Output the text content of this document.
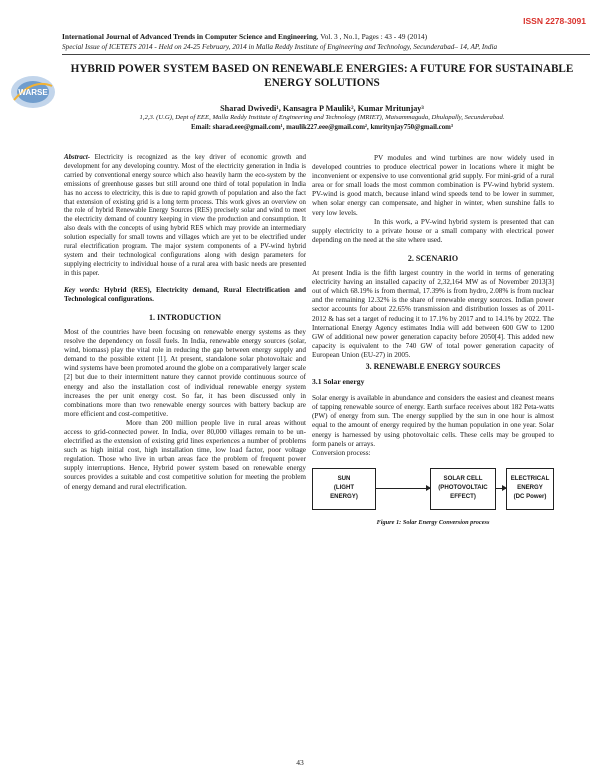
ISSN 2278-3091
International Journal of Advanced Trends in Computer Science and Engineering, Vol. 3 , No.1, Pages : 43 - 49 (2014)
Special Issue of ICETETS 2014 - Held on 24-25 February, 2014 in Malla Reddy Institute of Engineering and Technology, Secunderabad– 14, AP, India
WARSE
HYBRID POWER SYSTEM BASED ON RENEWABLE ENERGIES: A FUTURE FOR SUSTAINABLE ENERGY SOLUTIONS
Sharad Dwivedi¹, Kansagra P Maulik², Kumar Mritunjay³
1,2,3. (U.G), Dept of EEE, Malla Reddy Institute of Engineering and Technology (MRIET), Maisammaguda, Dhulapally, Secunderabad.
Email: sharad.eee@gmail.com¹, maulik227.eee@gmail.com², kmritynjay750@gmail.com³

Abstract- Electricity is recognized as the key driver of economic growth and development for any developing country. Most of the electricity generation in India is carried by conventional energy source which also heavily harm the eco-system by the emissions of greenhouse gasses but still around one third of total population in India has no access to electricity, this is due to rapid growth of population and also the fact that extension of existing grid is a long term process. This work gives an overview on the role of hybrid Renewable Energy Sources (RES) precisely solar and wind to meet the electricity demand of country keeping in view the production and consumption. It also deals with the concepts of using hybrid RES which may provide an intermediary solution especially for small towns and villages which are yet to be electrified under rural electrification program. The major system components of a PV-wind hybrid system and their technological configurations along with design parameters for supplying electricity to individual house of a rural area with basic needs are presented in this paper.

Key words: Hybrid (RES), Electricity demand, Rural Electrification and Technological configurations.

1. INTRODUCTION

Most of the countries have been focusing on renewable energy systems as they resolve the dependency on fossil fuels. In India, renewable energy sources (solar, wind, biomass) play the vital role in reducing the gap between energy supply and demand to the possible extent [1]. At present, standalone solar photovoltaic and wind systems have been promoted around the globe on a comparatively larger scale [2] but due to their intermittent nature they cannot provide continuous source of energy and also the installation cost of individual renewable energy system increases the per unit energy cost. So far, it has been discussed only in combinations more than two renewable energy sources with battery backup are more efficient and cost-competitive.

More than 200 million people live in rural areas without access to grid-connected power. In India, over 80,000 villages remain to be un-electrified as the extension of existing grid lines experiences a number of problems such as high initial cost, high installation time, low load factor, poor voltage regulation. Those who live in urban areas face the problem of frequent power supply interruptions. Hence, Hybrid power system based on renewable energy sources provides a suitable and cost competitive solution for meeting the problem of energy demand and rural electrification.

PV modules and wind turbines are now widely used in developed countries to produce electrical power in locations where it might be inconvenient or expensive to use conventional grid supply. For mini-grid of a rural area or for small loads the most common combination is PV-wind hybrid system. PV-wind is good match, because inland wind speeds tend to be lower in summer, when solar energy can compensate, and higher in winter, when sunshine falls to very low levels.

In this work, a PV-wind hybrid system is presented that can supply electricity to a private house or a small company with electrical power depending on the need at the site where used.

2. SCENARIO

At present India is the fifth largest country in the world in terms of generating electricity having an installed capacity of 2,32,164 MW as of November 2013[3] out of which 68.19% is from thermal, 17.39% is from hydro, 2.08% is from nuclear and the remaining 12.32% is the share of renewable energy sources. Indian power sector accounts for about 22.65% transmission and distribution losses as of 2011-2012 & has set a target of reducing it to 17.1% by 2017 and to 14.1% by 2022. The International Energy Agency estimates India will add between 600 GW to 1200 GW of additional new power generation capacity before 2050[4]. This added new capacity is equivalent to the 740 GW of total power generation capacity of European Union (EU-27) in 2005.

3. RENEWABLE ENERGY SOURCES
3.1 Solar energy

Solar energy is available in abundance and considers the easiest and cleanest means of tapping renewable source of energy. Earth surface receives about 182 Peta-watts (PW) of energy from sun. The energy supplied by the sun in one hour is almost equal to the amount of energy required by the human population in one year. Solar energy is harnessed by using photovoltaic cells. These cells may be grouped to form panels or arrays.

Conversion process:

SUN
(LIGHT
ENERGY)
SOLAR CELL
(PHOTOVOLTAIC
EFFECT)
ELECTRICAL
ENERGY
(DC Power)
Figure 1: Solar Energy Conversion process
43
